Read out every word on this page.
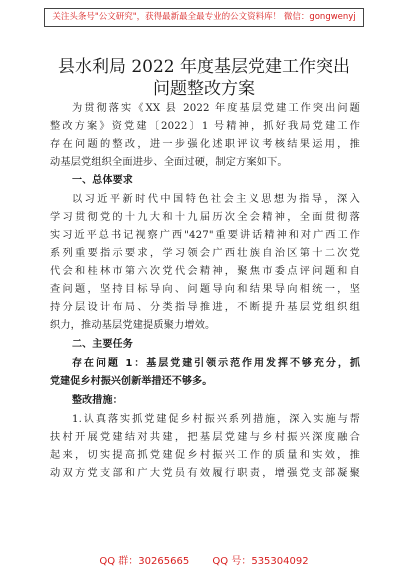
关注头条号"公文研究"，获得最新最全最专业的公文资料库！ 微信：gongwenyj
县水利局 2022 年度基层党建工作突出
问题整改方案
为贯彻落实《XX 县 2022 年度基层党建工作突出问题
整改方案》资党建〔2022〕1 号精神，抓好我局党建工作
存在问题的整改，进一步强化述职评议考核结果运用，推
动基层党组织全面进步、全面过硬，制定方案如下。
一、总体要求
以习近平新时代中国特色社会主义思想为指导，深入
学习贯彻党的十九大和十九届历次全会精神，全面贯彻落
实习近平总书记视察广西"427"重要讲话精神和对广西工作
系列重要指示要求，学习领会广西壮族自治区第十二次党
代会和桂林市第六次党代会精神，聚焦市委点评问题和自
查问题，坚持目标导向、问题导向和结果导向相统一，坚
持分层设计布局、分类指导推进，不断提升基层党组织组
织力，推动基层党建提质聚力增效。
二、主要任务
存在问题 1：基层党建引领示范作用发挥不够充分，抓
党建促乡村振兴创新举措还不够多。
整改措施：
1.认真落实抓党建促乡村振兴系列措施，深入实施与帮
扶村开展党建结对共建，把基层党建与乡村振兴深度融合
起来，切实提高抓党建促乡村振兴工作的质量和实效，推
动双方党支部和广大党员有效履行职责，增强党支部凝聚
QQ 群：30265665 QQ 号：535304092
